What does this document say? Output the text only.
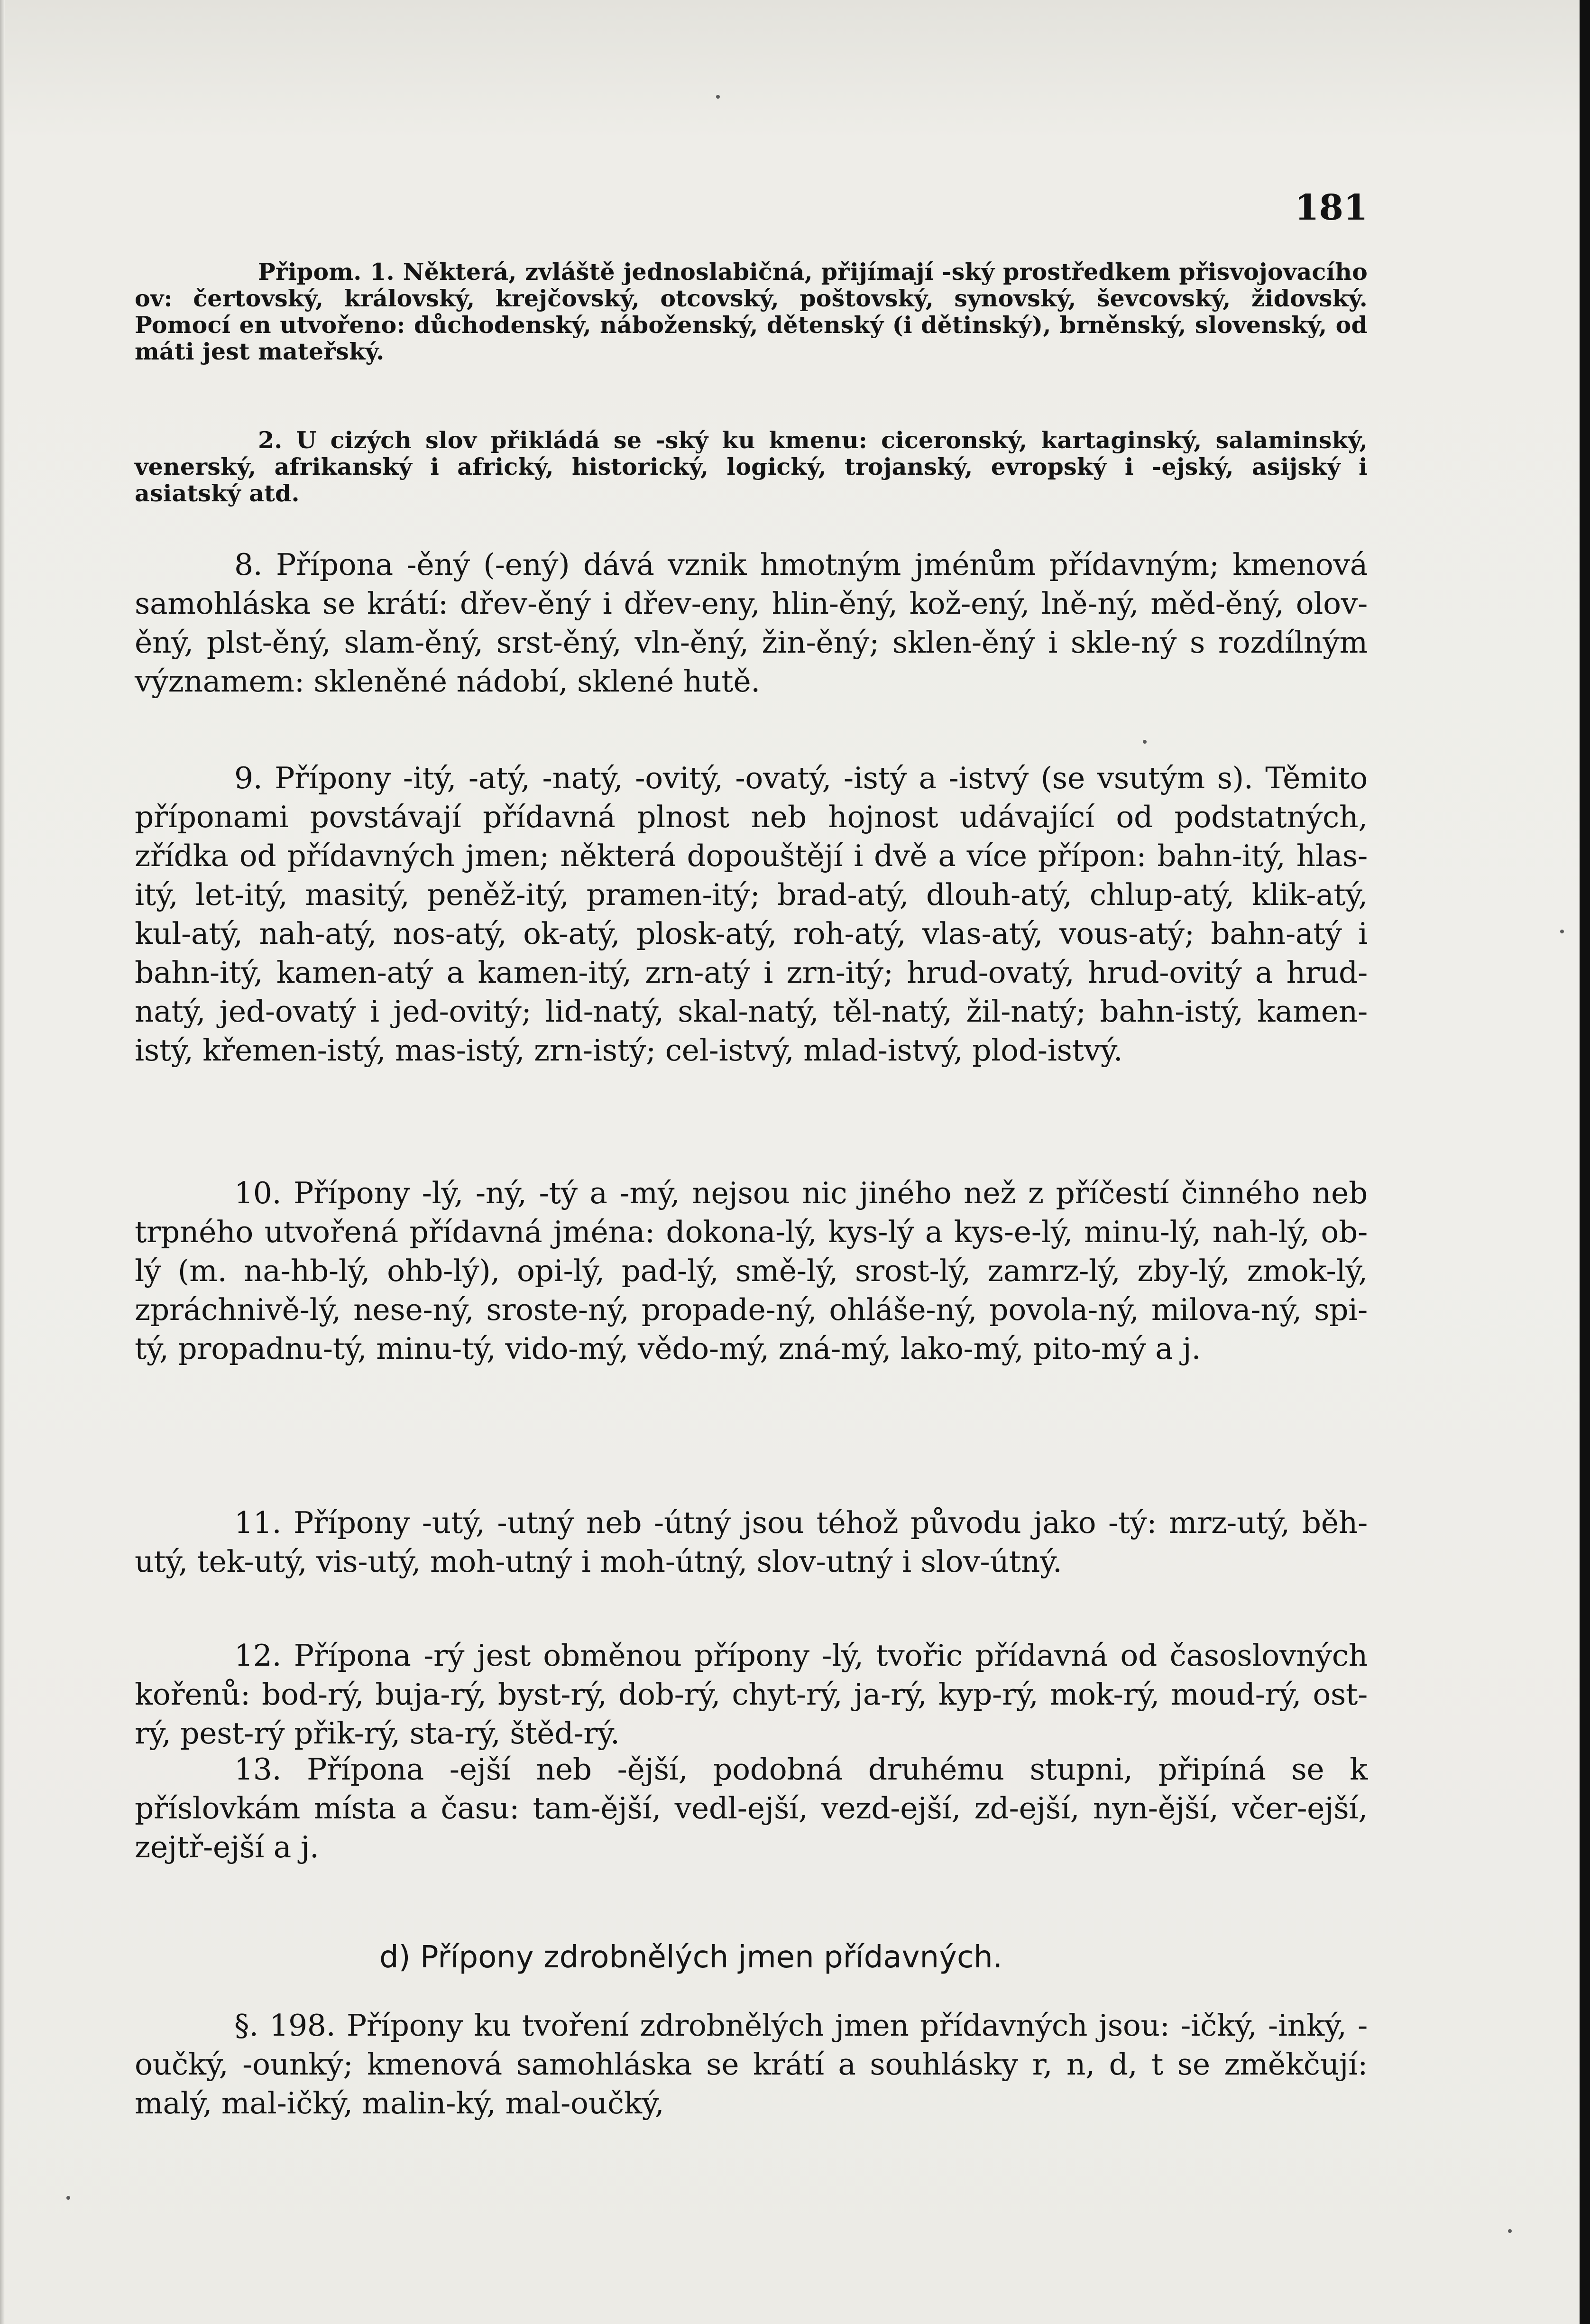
181

Připom. 1. Některá, zvláště jednoslabičná, přijímají -ský prostředkem přisvojovacího ov: čertovský, královský, krejčovský, otcovský, poštovský, synovský, ševcovský, židovský. Pomocí en utvořeno: důchodenský, náboženský, dětenský (i dětinský), brněnský, slovenský, od máti jest mateřský.

2. U cizých slov přikládá se -ský ku kmenu: ciceronský, kartaginský, salaminský, venerský, afrikanský i africký, historický, logický, trojanský, evropský i -ejský, asijský i asiatský atd.

8. Přípona -ěný (-ený) dává vznik hmotným jménům přídavným; kmenová samohláska se krátí: dřev-ěný i dřev-eny, hlin-ěný, kož-ený, lně-ný, měd-ěný, olov-ěný, plst-ěný, slam-ěný, srst-ěný, vln-ěný, žin-ěný; sklen-ěný i skle-ný s rozdílným významem: skleněné nádobí, sklené hutě.

9. Přípony -itý, -atý, -natý, -ovitý, -ovatý, -istý a -istvý (se vsutým s). Těmito příponami povstávají přídavná plnost neb hojnost udávající od podstatných, zřídka od přídavných jmen; některá dopouštějí i dvě a více přípon: bahn-itý, hlas-itý, let-itý, masitý, peněž-itý, pramen-itý; brad-atý, dlouh-atý, chlup-atý, klik-atý, kul-atý, nah-atý, nos-atý, ok-atý, plosk-atý, roh-atý, vlas-atý, vous-atý; bahn-atý i bahn-itý, kamen-atý a kamen-itý, zrn-atý i zrn-itý; hrud-ovatý, hrud-ovitý a hrud-natý, jed-ovatý i jed-ovitý; lid-natý, skal-natý, těl-natý, žil-natý; bahn-istý, kamen-istý, křemen-istý, mas-istý, zrn-istý; cel-istvý, mlad-istvý, plod-istvý.

10. Přípony -lý, -ný, -tý a -mý, nejsou nic jiného než z příčestí činného neb trpného utvořená přídavná jména: dokona-lý, kys-lý a kys-e-lý, minu-lý, nah-lý, ob-lý (m. na-hb-lý, ohb-lý), opi-lý, pad-lý, smě-lý, srost-lý, zamrz-lý, zby-lý, zmok-lý, zpráchnivě-lý, nese-ný, sroste-ný, propade-ný, ohláše-ný, povola-ný, milova-ný, spi-tý, propadnu-tý, minu-tý, vido-mý, vědo-mý, zná-mý, lako-mý, pito-mý a j.

11. Přípony -utý, -utný neb -útný jsou téhož původu jako -tý: mrz-utý, běh-utý, tek-utý, vis-utý, moh-utný i moh-útný, slov-utný i slov-útný.

12. Přípona -rý jest obměnou přípony -lý, tvořic přídavná od časoslovných kořenů: bod-rý, buja-rý, byst-rý, dob-rý, chyt-rý, ja-rý, kyp-rý, mok-rý, moud-rý, ost-rý, pest-rý přik-rý, sta-rý, štěd-rý.

13. Přípona -ejší neb -ější, podobná druhému stupni, připíná se k příslovkám místa a času: tam-ější, vedl-ejší, vezd-ejší, zd-ejší, nyn-ější, včer-ejší, zejtř-ejší a j.

d) Přípony zdrobnělých jmen přídavných.

§. 198. Přípony ku tvoření zdrobnělých jmen přídavných jsou: -ičký, -inký, -oučký, -ounký; kmenová samohláska se krátí a souhlásky r, n, d, t se změkčují: malý, mal-ičký, malin-ký, mal-oučký,
